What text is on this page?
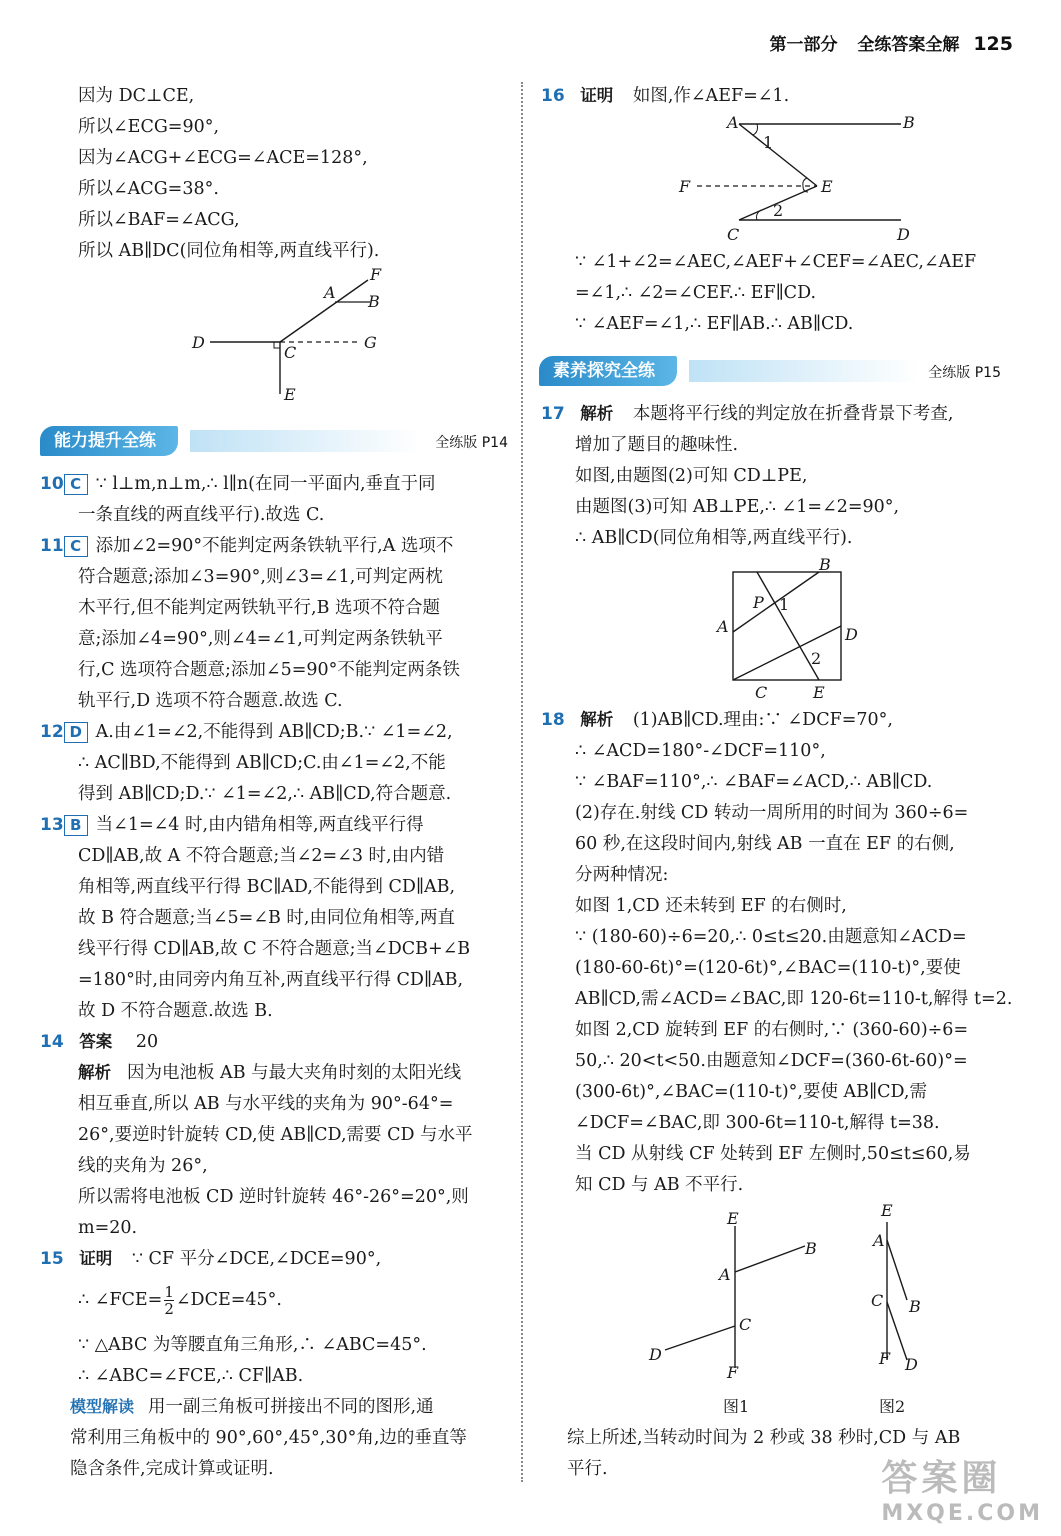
第一部分 全练答案全解 125
因为 DC⊥CE,
所以∠ECG=90°,
因为∠ACG+∠ECG=∠ACE=128°,
所以∠ACG=38°.
所以∠BAF=∠ACG,
所以 AB∥DC(同位角相等,两直线平行).
F
A B
D
C
G
E
能力提升全练	全练版 P14
10 C ∵ l⊥m,n⊥m,∴ l∥n(在同一平面内,垂直于同
一条直线的两直线平行).故选 C.
11 C 添加∠2=90°不能判定两条铁轨平行,A 选项不
符合题意;添加∠3=90°,则∠3=∠1,可判定两枕
木平行,但不能判定两铁轨平行,B 选项不符合题
意;添加∠4=90°,则∠4=∠1,可判定两条铁轨平
行,C 选项符合题意;添加∠5=90°不能判定两条铁
轨平行,D 选项不符合题意.故选 C.
12 D A.由∠1=∠2,不能得到 AB∥CD;B.∵ ∠1=∠2,
∴ AC∥BD,不能得到 AB∥CD;C.由∠1=∠2,不能
得到 AB∥CD;D.∵ ∠1=∠2,∴ AB∥CD,符合题意.
13 B 当∠1=∠4 时,由内错角相等,两直线平行得
CD∥AB,故 A 不符合题意;当∠2=∠3 时,由内错
角相等,两直线平行得 BC∥AD,不能得到 CD∥AB,
故 B 符合题意;当∠5=∠B 时,由同位角相等,两直
线平行得 CD∥AB,故 C 不符合题意;当∠DCB+∠B
=180°时,由同旁内角互补,两直线平行得 CD∥AB,
故 D 不符合题意.故选 B.
14 答案 20
解析 因为电池板 AB 与最大夹角时刻的太阳光线
相互垂直,所以 AB 与水平线的夹角为 90°-64°=
26°,要逆时针旋转 CD,使 AB∥CD,需要 CD 与水平
线的夹角为 26°,
所以需将电池板 CD 逆时针旋转 46°-26°=20°,则
m=20.
15 证明 ∵ CF 平分∠DCE,∠DCE=90°,
∴ ∠FCE= $\frac{1}{2}$ ∠DCE=45°.
∵ △ABC 为等腰直角三角形,∴ ∠ABC=45°.
∴ ∠ABC=∠FCE,∴ CF∥AB.
模型解读 用一副三角板可拼接出不同的图形,通
常利用三角板中的 90°,60°,45°,30°角,边的垂直等
隐含条件,完成计算或证明.
16 证明 如图,作∠AEF=∠1.
A	B
1
F	E
2
C	D
∵ ∠1+∠2=∠AEC,∠AEF+∠CEF=∠AEC,∠AEF
=∠1,∴ ∠2=∠CEF.∴ EF∥CD.
∵ ∠AEF=∠1,∴ EF∥AB.∴ AB∥CD.
素养探究全练	全练版 P15
17 解析 本题将平行线的判定放在折叠背景下考查,
增加了题目的趣味性.
如图,由题图(2)可知 CD⊥PE,
由题图(3)可知 AB⊥PE,∴ ∠1=∠2=90°,
∴ AB∥CD(同位角相等,两直线平行).
B
P 1
A	D
2
C	E
18 解析 (1)AB∥CD.理由:∵ ∠DCF=70°,
∴ ∠ACD=180°-∠DCF=110°,
∵ ∠BAF=110°,∴ ∠BAF=∠ACD,∴ AB∥CD.
(2)存在.射线 CD 转动一周所用的时间为 360÷6=
60 秒,在这段时间内,射线 AB 一直在 EF 的右侧,
分两种情况:
如图 1,CD 还未转到 EF 的右侧时,
∵ (180-60)÷6=20,∴ 0≤t≤20.由题意知∠ACD=
(180-60-6t)°=(120-6t)°,∠BAC=(110-t)°,要使
AB∥CD,需∠ACD=∠BAC,即 120-6t=110-t,解得 t=2.
如图 2,CD 旋转到 EF 的右侧时,∵ (360-60)÷6=
50,∴ 20<t<50.由题意知∠DCF=(360-6t-60)°=
(300-6t)°,∠BAC=(110-t)°,要使 AB∥CD,需
∠DCF=∠BAC,即 300-6t=110-t,解得 t=38.
当 CD 从射线 CF 处转到 EF 左侧时,50≤t≤60,易
知 CD 与 AB 不平行.
E
B
A
C
D
F
图1
E
A
C B
F D
图2
综上所述,当转动时间为 2 秒或 38 秒时,CD 与 AB
平行.	答案圈
MXQE.COM
